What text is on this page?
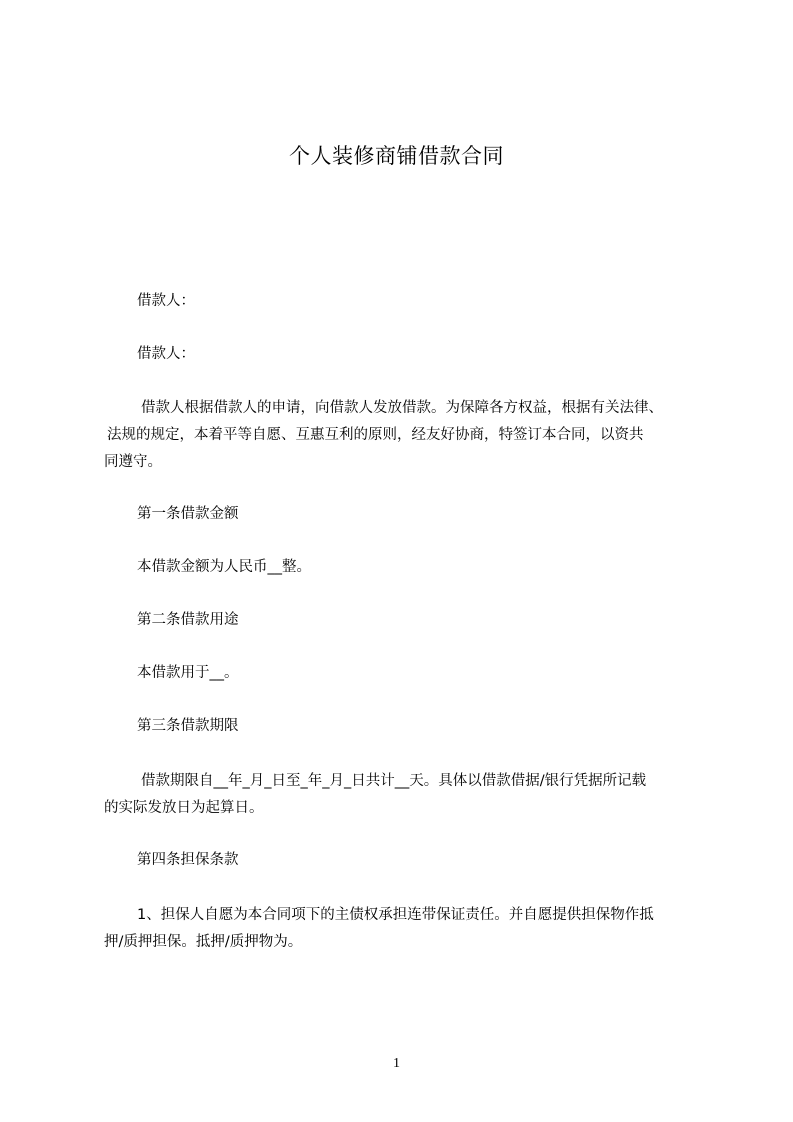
个人装修商铺借款合同
借款人：
借款人：
借款人根据借款人的申请，向借款人发放借款。为保障各方权益，根据有关法律、
法规的规定，本着平等自愿、互惠互利的原则，经友好协商，特签订本合同，以资共
同遵守。
第一条借款金额
本借款金额为人民币__整。
第二条借款用途
本借款用于__。
第三条借款期限
借款期限自__年_月_日至_年_月_日共计__天。具体以借款借据/银行凭据所记载
的实际发放日为起算日。
第四条担保条款
1、担保人自愿为本合同项下的主债权承担连带保证责任。并自愿提供担保物作抵
押/质押担保。抵押/质押物为。
1
